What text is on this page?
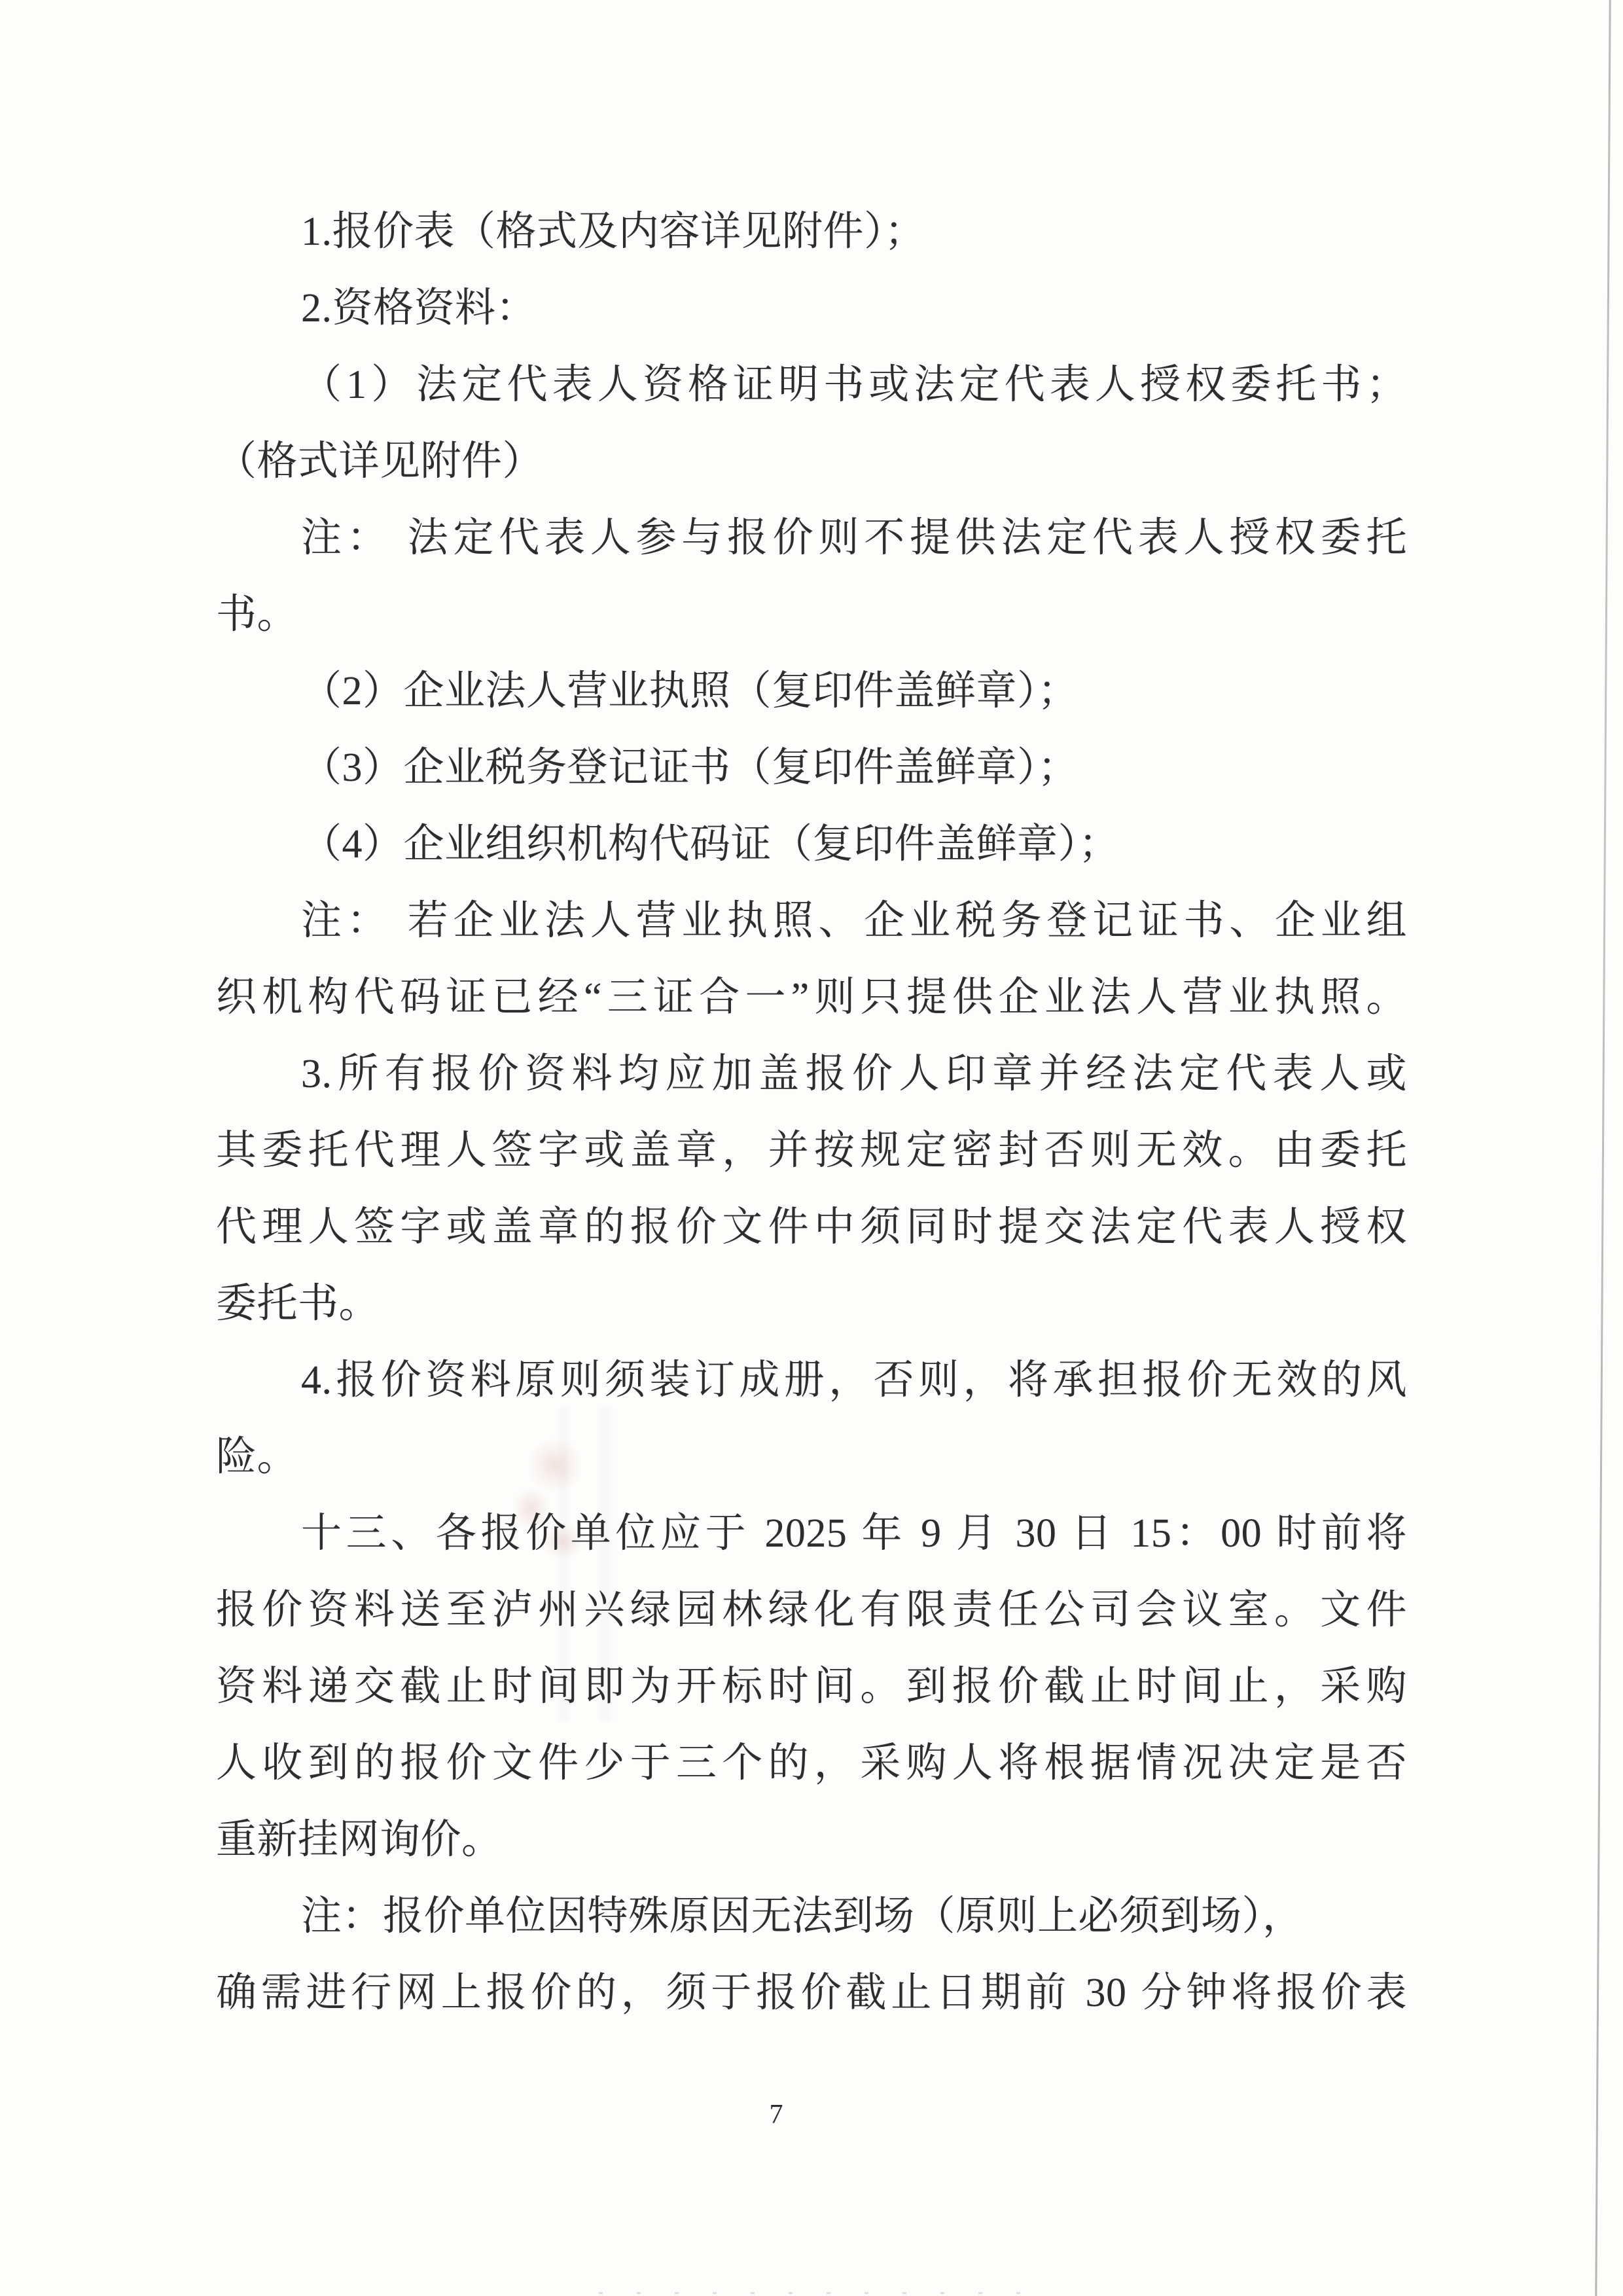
1.报价表（格式及内容详见附件）；

2.资格资料：

（1）法定代表人资格证明书或法定代表人授权委托书；

（格式详见附件）

注： 法定代表人参与报价则不提供法定代表人授权委托

书。

（2）企业法人营业执照（复印件盖鲜章）；

（3）企业税务登记证书（复印件盖鲜章）；

（4）企业组织机构代码证（复印件盖鲜章）；

注： 若企业法人营业执照、企业税务登记证书、企业组

织机构代码证已经“三证合一”则只提供企业法人营业执照。

3.所有报价资料均应加盖报价人印章并经法定代表人或

其委托代理人签字或盖章，并按规定密封否则无效。由委托

代理人签字或盖章的报价文件中须同时提交法定代表人授权

委托书。

4.报价资料原则须装订成册，否则，将承担报价无效的风

险。

十三、各报价单位应于 2025 年 9 月 30 日 15：00 时前将

报价资料送至泸州兴绿园林绿化有限责任公司会议室。文件

资料递交截止时间即为开标时间。到报价截止时间止，采购

人收到的报价文件少于三个的，采购人将根据情况决定是否

重新挂网询价。

注：报价单位因特殊原因无法到场（原则上必须到场），

确需进行网上报价的，须于报价截止日期前 30 分钟将报价表

7
